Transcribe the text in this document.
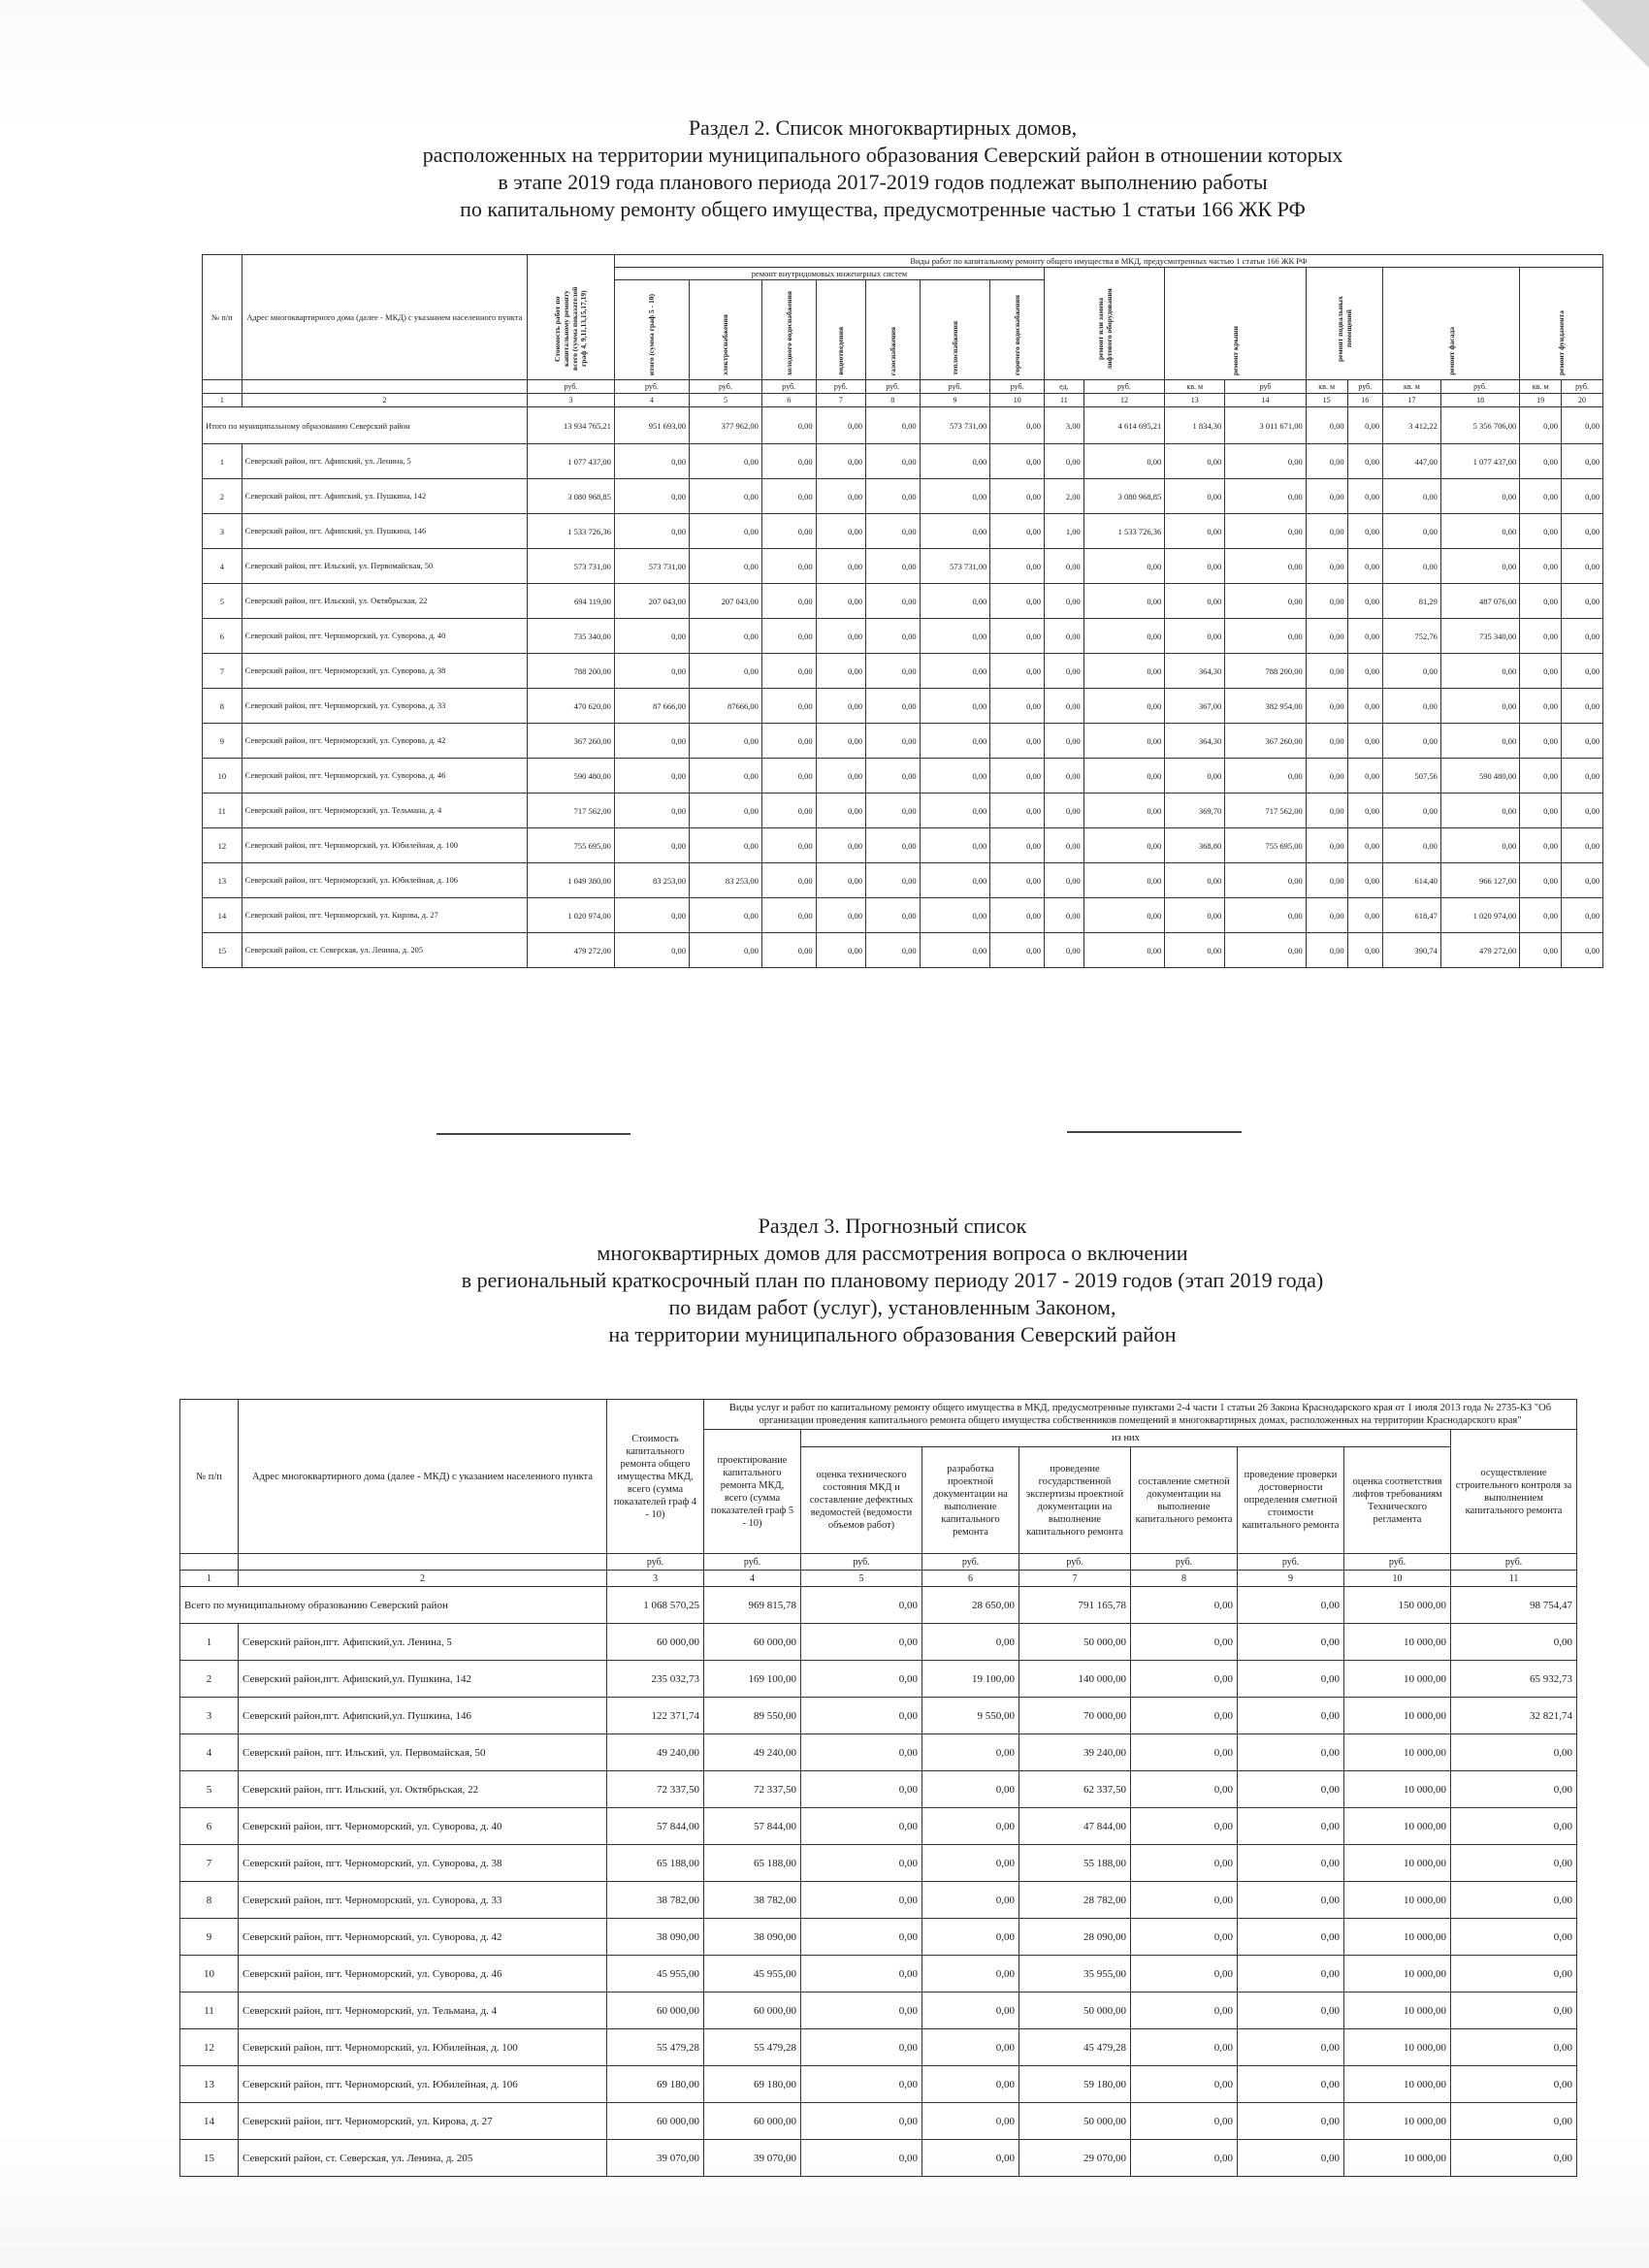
Раздел 2. Список многоквартирных домов,
расположенных на территории муниципального образования Северский район в отношении которых
в этапе 2019 года планового периода 2017-2019 годов подлежат выполнению работы
по капитальному ремонту общего имущества, предусмотренные частью 1 статьи 166 ЖК РФ
№ п/п	Адрес многоквартирного дома (далее - МКД) с указанием населенного пункта	Стоимость работ по капитальному ремонту всего (сумма показателей граф 4, 9,11,13,15,17,19)	Виды работ по капитальному ремонту общего имущества в МКД, предусмотренных частью 1 статьи 166 ЖК РФ																
			ремонт внутридомовых инженерных систем							ремонт или замена лифтового оборудования		ремонт крыши		ремонт подвальных помещений		ремонт фасада		ремонт фундамента	
			итого (сумма граф 5 - 10)	электроснабжения	холодного водоснабжения	водоотведения	газоснабжения	теплоснабжения	горячего водоснабжения										
		руб.	руб.	руб.	руб.	руб.	руб.	руб.	руб.	ед.	руб.	кв. м	руб	кв. м	руб.	кв. м	руб.	кв. м	руб.
1	2	3	4	5	6	7	8	9	10	11	12	13	14	15	16	17	18	19	20
Итого по муниципальному образованию Северский район		13 934 765,21	951 693,00	377 962,00	0,00	0,00	0,00	573 731,00	0,00	3,00	4 614 695,21	1 834,30	3 011 671,00	0,00	0,00	3 412,22	5 356 706,00	0,00	0,00
1	Северский район, пгт. Афипский, ул. Ленина, 5	1 077 437,00	0,00	0,00	0,00	0,00	0,00	0,00	0,00	0,00	0,00	0,00	0,00	0,00	0,00	447,00	1 077 437,00	0,00	0,00
2	Северский район, пгт. Афипский, ул. Пушкина, 142	3 080 968,85	0,00	0,00	0,00	0,00	0,00	0,00	0,00	2,00	3 080 968,85	0,00	0,00	0,00	0,00	0,00	0,00	0,00	0,00
3	Северский район, пгт. Афипский, ул. Пушкина, 146	1 533 726,36	0,00	0,00	0,00	0,00	0,00	0,00	0,00	1,00	1 533 726,36	0,00	0,00	0,00	0,00	0,00	0,00	0,00	0,00
4	Северский район, пгт. Ильский, ул. Первомайская, 50	573 731,00	573 731,00	0,00	0,00	0,00	0,00	573 731,00	0,00	0,00	0,00	0,00	0,00	0,00	0,00	0,00	0,00	0,00	0,00
5	Северский район, пгт. Ильский, ул. Октябрьская, 22	694 119,00	207 043,00	207 043,00	0,00	0,00	0,00	0,00	0,00	0,00	0,00	0,00	0,00	0,00	0,00	81,29	487 076,00	0,00	0,00
6	Северский район, пгт. Черноморский, ул. Суворова, д. 40	735 340,00	0,00	0,00	0,00	0,00	0,00	0,00	0,00	0,00	0,00	0,00	0,00	0,00	0,00	752,76	735 340,00	0,00	0,00
7	Северский район, пгт. Черноморский, ул. Суворова, д. 38	788 200,00	0,00	0,00	0,00	0,00	0,00	0,00	0,00	0,00	0,00	364,30	788 200,00	0,00	0,00	0,00	0,00	0,00	0,00
8	Северский район, пгт. Черноморский, ул. Суворова, д. 33	470 620,00	87 666,00	87666,00	0,00	0,00	0,00	0,00	0,00	0,00	0,00	367,00	382 954,00	0,00	0,00	0,00	0,00	0,00	0,00
9	Северский район, пгт. Черноморский, ул. Суворова, д. 42	367 260,00	0,00	0,00	0,00	0,00	0,00	0,00	0,00	0,00	0,00	364,30	367 260,00	0,00	0,00	0,00	0,00	0,00	0,00
10	Северский район, пгт. Черноморский, ул. Суворова, д. 46	590 480,00	0,00	0,00	0,00	0,00	0,00	0,00	0,00	0,00	0,00	0,00	0,00	0,00	0,00	507,56	590 480,00	0,00	0,00
11	Северский район, пгт. Черноморский, ул. Тельмана, д. 4	717 562,00	0,00	0,00	0,00	0,00	0,00	0,00	0,00	0,00	0,00	369,70	717 562,00	0,00	0,00	0,00	0,00	0,00	0,00
12	Северский район, пгт. Черноморский, ул. Юбилейная, д. 100	755 695,00	0,00	0,00	0,00	0,00	0,00	0,00	0,00	0,00	0,00	368,80	755 695,00	0,00	0,00	0,00	0,00	0,00	0,00
13	Северский район, пгт. Черноморский, ул. Юбилейная, д. 106	1 049 380,00	83 253,00	83 253,00	0,00	0,00	0,00	0,00	0,00	0,00	0,00	0,00	0,00	0,00	0,00	614,40	966 127,00	0,00	0,00
14	Северский район, пгт. Черноморский, ул. Кирова, д. 27	1 020 974,00	0,00	0,00	0,00	0,00	0,00	0,00	0,00	0,00	0,00	0,00	0,00	0,00	0,00	618,47	1 020 974,00	0,00	0,00
15	Северский район, ст. Северская, ул. Ленина, д. 205	479 272,00	0,00	0,00	0,00	0,00	0,00	0,00	0,00	0,00	0,00	0,00	0,00	0,00	0,00	390,74	479 272,00	0,00	0,00
Раздел 3. Прогнозный список
многоквартирных домов для рассмотрения вопроса о включении
в региональный краткосрочный план по плановому периоду 2017 - 2019 годов (этап 2019 года)
по видам работ (услуг), установленным Законом,
на территории муниципального образования Северский район
№ п/п	Адрес многоквартирного дома (далее - МКД) с указанием населенного пункта	Стоимость капитального ремонта общего имущества МКД, всего (сумма показателей граф 4 - 10)	Виды услуг и работ по капитальному ремонту общего имущества в МКД, предусмотренные пунктами 2-4 части 1 статьи 26 Закона Краснодарского края от 1 июля 2013 года № 2735-КЗ "Об организации проведения капитального ремонта общего имущества собственников помещений в многоквартирных домах, расположенных на территории Краснодарского края"							
			проектирование капитального ремонта МКД, всего (сумма показателей граф 5 - 10)	из них						осуществление строительного контроля за выполнением капитального ремонта
				оценка технического состояния МКД и составление дефектных ведомостей (ведомости объемов работ)	разработка проектной документации на выполнение капитального ремонта	проведение государственной экспертизы проектной документации на выполнение капитального ремонта	составление сметной документации на выполнение капитального ремонта	проведение проверки достоверности определения сметной стоимости капитального ремонта	оценка соответствия лифтов требованиям Технического регламента	
		руб.	руб.	руб.	руб.	руб.	руб.	руб.	руб.	руб.
1	2	3	4	5	6	7	8	9	10	11
Всего по муниципальному образованию Северский район		1 068 570,25	969 815,78	0,00	28 650,00	791 165,78	0,00	0,00	150 000,00	98 754,47
1	Северский район,пгт. Афипский,ул. Ленина, 5	60 000,00	60 000,00	0,00	0,00	50 000,00	0,00	0,00	10 000,00	0,00
2	Северский район,пгт. Афипский,ул. Пушкина, 142	235 032,73	169 100,00	0,00	19 100,00	140 000,00	0,00	0,00	10 000,00	65 932,73
3	Северский район,пгт. Афипский,ул. Пушкина, 146	122 371,74	89 550,00	0,00	9 550,00	70 000,00	0,00	0,00	10 000,00	32 821,74
4	Северский район, пгт. Ильский, ул. Первомайская, 50	49 240,00	49 240,00	0,00	0,00	39 240,00	0,00	0,00	10 000,00	0,00
5	Северский район, пгт. Ильский, ул. Октябрьская, 22	72 337,50	72 337,50	0,00	0,00	62 337,50	0,00	0,00	10 000,00	0,00
6	Северский район, пгт. Черноморский, ул. Суворова, д. 40	57 844,00	57 844,00	0,00	0,00	47 844,00	0,00	0,00	10 000,00	0,00
7	Северский район, пгт. Черноморский, ул. Суворова, д. 38	65 188,00	65 188,00	0,00	0,00	55 188,00	0,00	0,00	10 000,00	0,00
8	Северский район, пгт. Черноморский, ул. Суворова, д. 33	38 782,00	38 782,00	0,00	0,00	28 782,00	0,00	0,00	10 000,00	0,00
9	Северский район, пгт. Черноморский, ул. Суворова, д. 42	38 090,00	38 090,00	0,00	0,00	28 090,00	0,00	0,00	10 000,00	0,00
10	Северский район, пгт. Черноморский, ул. Суворова, д. 46	45 955,00	45 955,00	0,00	0,00	35 955,00	0,00	0,00	10 000,00	0,00
11	Северский район, пгт. Черноморский, ул. Тельмана, д. 4	60 000,00	60 000,00	0,00	0,00	50 000,00	0,00	0,00	10 000,00	0,00
12	Северский район, пгт. Черноморский, ул. Юбилейная, д. 100	55 479,28	55 479,28	0,00	0,00	45 479,28	0,00	0,00	10 000,00	0,00
13	Северский район, пгт. Черноморский, ул. Юбилейная, д. 106	69 180,00	69 180,00	0,00	0,00	59 180,00	0,00	0,00	10 000,00	0,00
14	Северский район, пгт. Черноморский, ул. Кирова, д. 27	60 000,00	60 000,00	0,00	0,00	50 000,00	0,00	0,00	10 000,00	0,00
15	Северский район, ст. Северская, ул. Ленина, д. 205	39 070,00	39 070,00	0,00	0,00	29 070,00	0,00	0,00	10 000,00	0,00
